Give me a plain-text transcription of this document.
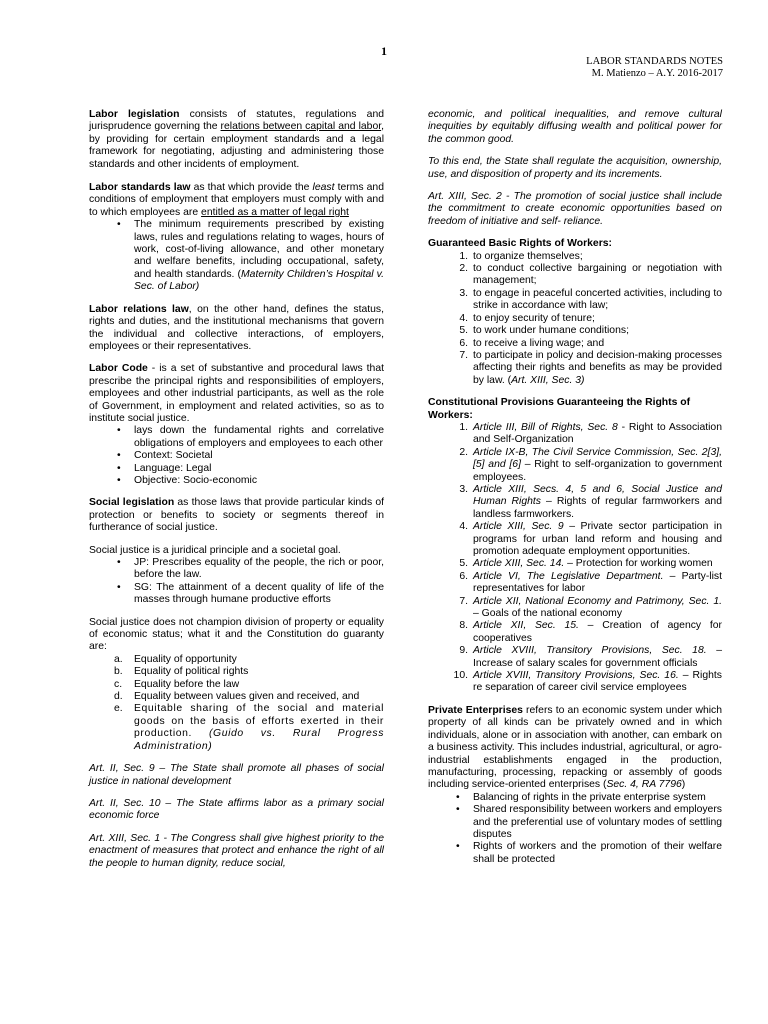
1
LABOR STANDARDS NOTES
M. Matienzo – A.Y. 2016-2017

Labor legislation consists of statutes, regulations and jurisprudence governing the relations between capital and labor, by providing for certain employment standards and a legal framework for negotiating, adjusting and administering those standards and other incidents of employment.

Labor standards law as that which provide the least terms and conditions of employment that employers must comply with and to which employees are entitled as a matter of legal right

• The minimum requirements prescribed by existing laws, rules and regulations relating to wages, hours of work, cost-of-living allowance, and other monetary and welfare benefits, including occupational, safety, and health standards. (Maternity Children’s Hospital v. Sec. of Labor)

Labor relations law, on the other hand, defines the status, rights and duties, and the institutional mechanisms that govern the individual and collective interactions, of employers, employees or their representatives.

Labor Code - is a set of substantive and procedural laws that prescribe the principal rights and responsibilities of employers, employees and other industrial participants, as well as the role of Government, in employment and related activities, so as to institute social justice.

• lays down the fundamental rights and correlative obligations of employers and employees to each other
• Context: Societal
• Language: Legal
• Objective: Socio-economic

Social legislation as those laws that provide particular kinds of protection or benefits to society or segments thereof in furtherance of social justice.

Social justice is a juridical principle and a societal goal.

• JP: Prescribes equality of the people, the rich or poor, before the law.
• SG: The attainment of a decent quality of life of the masses through humane productive efforts

Social justice does not champion division of property or equality of economic status; what it and the Constitution do guaranty are:

a. Equality of opportunity
b. Equality of political rights
c. Equality before the law
d. Equality between values given and received, and
e. Equitable sharing of the social and material goods on the basis of efforts exerted in their production. (Guido vs. Rural Progress Administration)

Art. II, Sec. 9 – The State shall promote all phases of social justice in national development

Art. II, Sec. 10 – The State affirms labor as a primary social economic force

Art. XIII, Sec. 1 - The Congress shall give highest priority to the enactment of measures that protect and enhance the right of all the people to human dignity, reduce social,

economic, and political inequalities, and remove cultural inequities by equitably diffusing wealth and political power for the common good.

To this end, the State shall regulate the acquisition, ownership, use, and disposition of property and its increments.

Art. XIII, Sec. 2 - The promotion of social justice shall include the commitment to create economic opportunities based on freedom of initiative and self- reliance.

Guaranteed Basic Rights of Workers:
1. to organize themselves;
2. to conduct collective bargaining or negotiation with management;
3. to engage in peaceful concerted activities, including to strike in accordance with law;
4. to enjoy security of tenure;
5. to work under humane conditions;
6. to receive a living wage; and
7. to participate in policy and decision-making processes affecting their rights and benefits as may be provided by law. (Art. XIII, Sec. 3)
Constitutional Provisions Guaranteeing the Rights of Workers:
1. Article III, Bill of Rights, Sec. 8 - Right to Association and Self-Organization
2. Article IX-B, The Civil Service Commission, Sec. 2[3], [5] and [6] – Right to self-organization to government employees.
3. Article XIII, Secs. 4, 5 and 6, Social Justice and Human Rights – Rights of regular farmworkers and landless farmworkers.
4. Article XIII, Sec. 9 – Private sector participation in programs for urban land reform and housing and promotion adequate employment opportunities.
5. Article XIII, Sec. 14. – Protection for working women
6. Article VI, The Legislative Department. – Party-list representatives for labor
7. Article XII, National Economy and Patrimony, Sec. 1. – Goals of the national economy
8. Article XII, Sec. 15. – Creation of agency for cooperatives
9. Article XVIII, Transitory Provisions, Sec. 18. – Increase of salary scales for government officials
10. Article XVIII, Transitory Provisions, Sec. 16. – Rights re separation of career civil service employees

Private Enterprises refers to an economic system under which property of all kinds can be privately owned and in which individuals, alone or in association with another, can embark on a business activity. This includes industrial, agricultural, or agro-industrial establishments engaged in the production, manufacturing, processing, repacking or assembly of goods including service-oriented enterprises (Sec. 4, RA 7796)

• Balancing of rights in the private enterprise system
• Shared responsibility between workers and employers and the preferential use of voluntary modes of settling disputes
• Rights of workers and the promotion of their welfare shall be protected
